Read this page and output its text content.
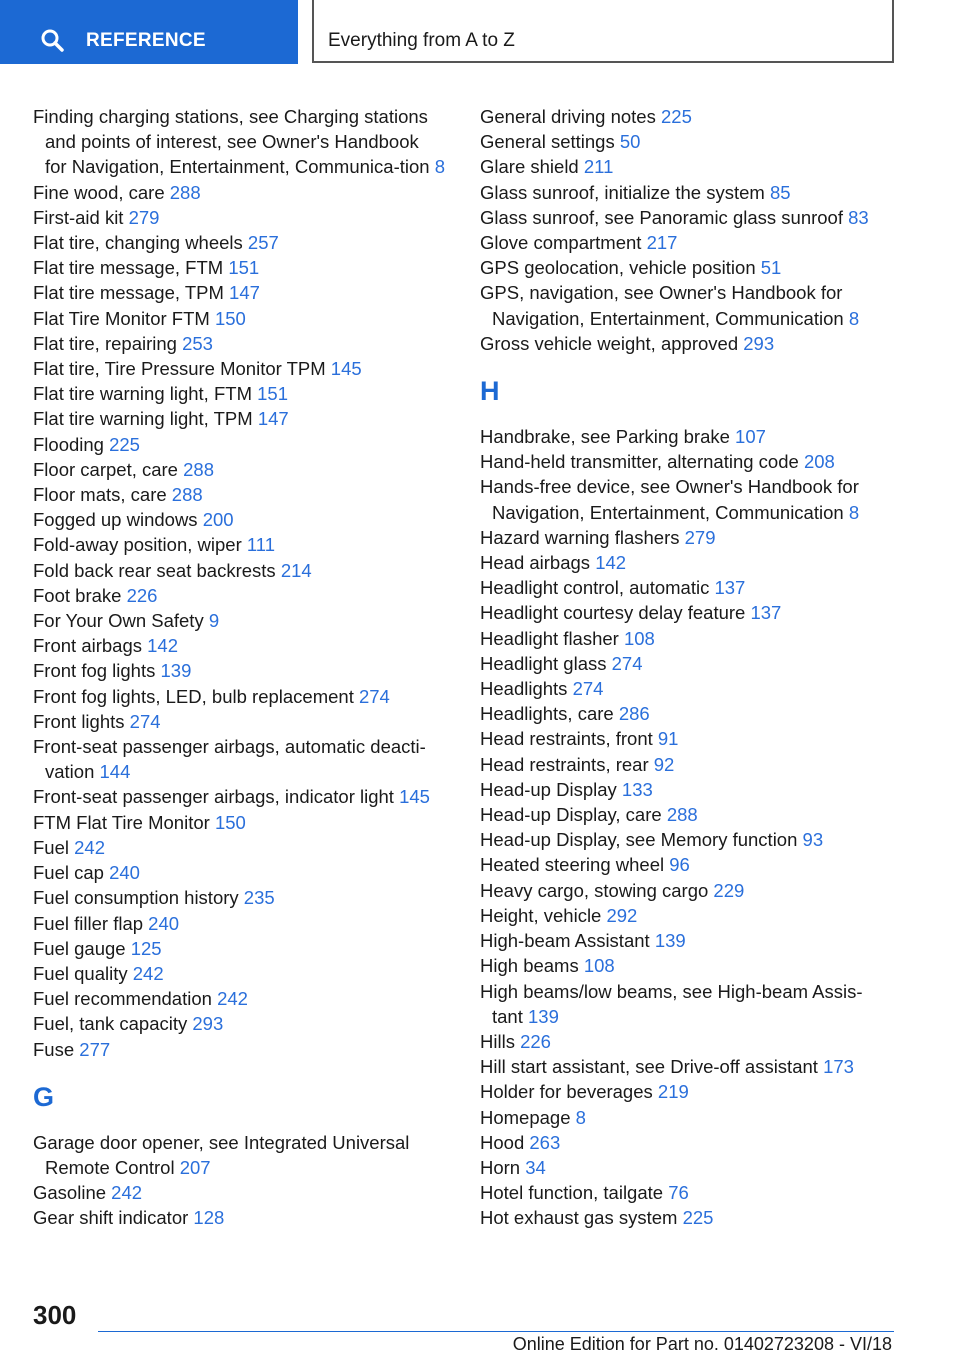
REFERENCE	Everything from A to Z

Finding charging stations, see Charging stations and points of interest, see Owner's Handbook for Navigation, Entertainment, Communica‐tion 8

Fine wood, care 288

First-aid kit 279

Flat tire, changing wheels 257

Flat tire message, FTM 151

Flat tire message, TPM 147

Flat Tire Monitor FTM 150

Flat tire, repairing 253

Flat tire, Tire Pressure Monitor TPM 145

Flat tire warning light, FTM 151

Flat tire warning light, TPM 147

Flooding 225

Floor carpet, care 288

Floor mats, care 288

Fogged up windows 200

Fold-away position, wiper 111

Fold back rear seat backrests 214

Foot brake 226

For Your Own Safety 9

Front airbags 142

Front fog lights 139

Front fog lights, LED, bulb replacement 274

Front lights 274

Front-seat passenger airbags, automatic deacti‐vation 144

Front-seat passenger airbags, indicator light 145

FTM Flat Tire Monitor 150

Fuel 242

Fuel cap 240

Fuel consumption history 235

Fuel filler flap 240

Fuel gauge 125

Fuel quality 242

Fuel recommendation 242

Fuel, tank capacity 293

Fuse 277

G

Garage door opener, see Integrated Universal Remote Control 207

Gasoline 242

Gear shift indicator 128

General driving notes 225

General settings 50

Glare shield 211

Glass sunroof, initialize the system 85

Glass sunroof, see Panoramic glass sunroof 83

Glove compartment 217

GPS geolocation, vehicle position 51

GPS, navigation, see Owner's Handbook for Navigation, Entertainment, Communication 8

Gross vehicle weight, approved 293

H

Handbrake, see Parking brake 107

Hand-held transmitter, alternating code 208

Hands-free device, see Owner's Handbook for Navigation, Entertainment, Communication 8

Hazard warning flashers 279

Head airbags 142

Headlight control, automatic 137

Headlight courtesy delay feature 137

Headlight flasher 108

Headlight glass 274

Headlights 274

Headlights, care 286

Head restraints, front 91

Head restraints, rear 92

Head-up Display 133

Head-up Display, care 288

Head-up Display, see Memory function 93

Heated steering wheel 96

Heavy cargo, stowing cargo 229

Height, vehicle 292

High-beam Assistant 139

High beams 108

High beams/low beams, see High-beam Assis‐tant 139

Hills 226

Hill start assistant, see Drive-off assistant 173

Holder for beverages 219

Homepage 8

Hood 263

Horn 34

Hotel function, tailgate 76

Hot exhaust gas system 225

300
Online Edition for Part no. 01402723208 - VI/18
